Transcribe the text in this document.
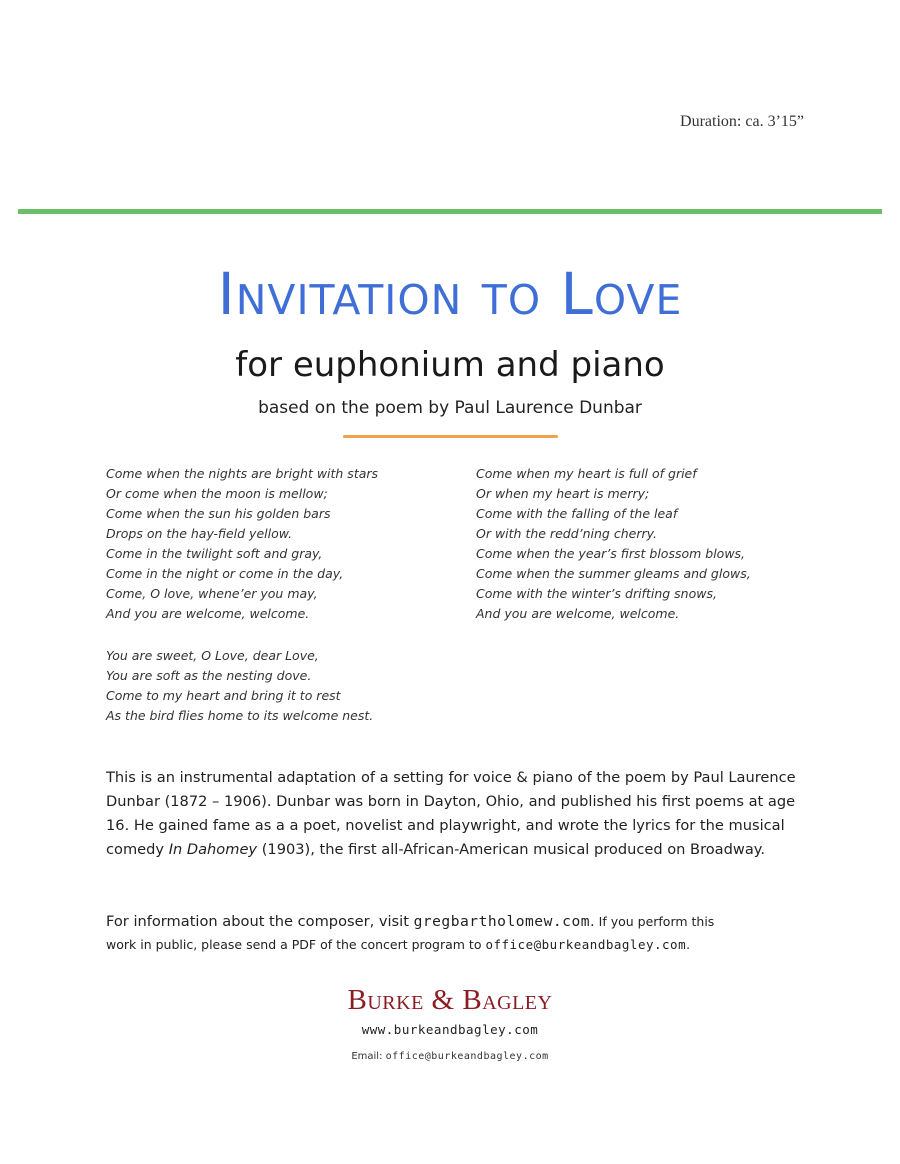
Duration: ca. 3’15”
Invitation to Love
for euphonium and piano
based on the poem by Paul Laurence Dunbar
Come when the nights are bright with stars
Or come when the moon is mellow;
Come when the sun his golden bars
Drops on the hay-field yellow.
Come in the twilight soft and gray,
Come in the night or come in the day,
Come, O love, whene’er you may,
And you are welcome, welcome.
Come when my heart is full of grief
Or when my heart is merry;
Come with the falling of the leaf
Or with the redd’ning cherry.
Come when the year’s first blossom blows,
Come when the summer gleams and glows,
Come with the winter’s drifting snows,
And you are welcome, welcome.
You are sweet, O Love, dear Love,
You are soft as the nesting dove.
Come to my heart and bring it to rest
As the bird flies home to its welcome nest.
This is an instrumental adaptation of a setting for voice & piano of the poem by Paul Laurence Dunbar (1872 – 1906). Dunbar was born in Dayton, Ohio, and published his first poems at age 16. He gained fame as a a poet, novelist and playwright, and wrote the lyrics for the musical comedy In Dahomey (1903), the first all-African-American musical produced on Broadway.
For information about the composer, visit gregbartholomew.com. If you perform this
work in public, please send a PDF of the concert program to office@burkeandbagley.com.
Burke & Bagley
www.burkeandbagley.com
Email: office@burkeandbagley.com
